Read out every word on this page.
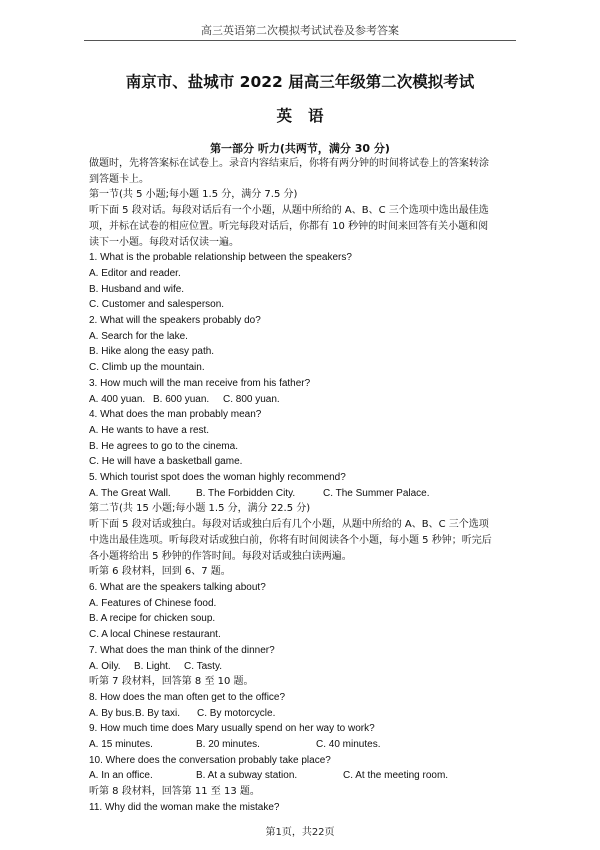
高三英语第二次模拟考试试卷及参考答案
南京市、盐城市 2022 届高三年级第二次模拟考试
英语
第一部分 听力(共两节，满分 30 分)
做题时，先将答案标在试卷上。录音内容结束后，你将有两分钟的时间将试卷上的答案转涂
到答题卡上。
第一节(共 5 小题;每小题 1.5 分，满分 7.5 分)
听下面 5 段对话。每段对话后有一个小题，从题中所给的 A、B、C 三个选项中选出最佳选
项，并标在试卷的相应位置。听完每段对话后，你都有 10 秒钟的时间来回答有关小题和阅
读下一小题。每段对话仅读一遍。
1. What is the probable relationship between the speakers?
A. Editor and reader.
B. Husband and wife.
C. Customer and salesperson.
2. What will the speakers probably do?
A. Search for the lake.
B. Hike along the easy path.
C. Climb up the mountain.
3. How much will the man receive from his father?
A. 400 yuan. B. 600 yuan.	C. 800 yuan.
4. What does the man probably mean?
A. He wants to have a rest.
B. He agrees to go to the cinema.
C. He will have a basketball game.
5. Which tourist spot does the woman highly recommend?
A. The Great Wall.	B. The Forbidden City.	C. The Summer Palace.
第二节(共 15 小题;每小题 1.5 分，满分 22.5 分)
听下面 5 段对话或独白。每段对话或独白后有几个小题，从题中所给的 A、B、C 三个选项
中选出最佳选项。听每段对话或独白前，你将有时间阅读各个小题，每小题 5 秒钟；听完后
各小题将给出 5 秒钟的作答时间。每段对话或独白读两遍。
听第 6 段材料，回到 6、7 题。
6. What are the speakers talking about?
A. Features of Chinese food.
B. A recipe for chicken soup.
C. A local Chinese restaurant.
7. What does the man think of the dinner?
A. Oily.	B. Light.	C. Tasty.
听第 7 段材料，回答第 8 至 10 题。
8. How does the man often get to the office?
A. By bus. B. By taxi.	C. By motorcycle.
9. How much time does Mary usually spend on her way to work?
A. 15 minutes.	B. 20 minutes.	C. 40 minutes.
10. Where does the conversation probably take place?
A. In an office.	B. At a subway station.	C. At the meeting room.
听第 8 段材料，回答第 11 至 13 题。
11. Why did the woman make the mistake?
第1页，共22页
